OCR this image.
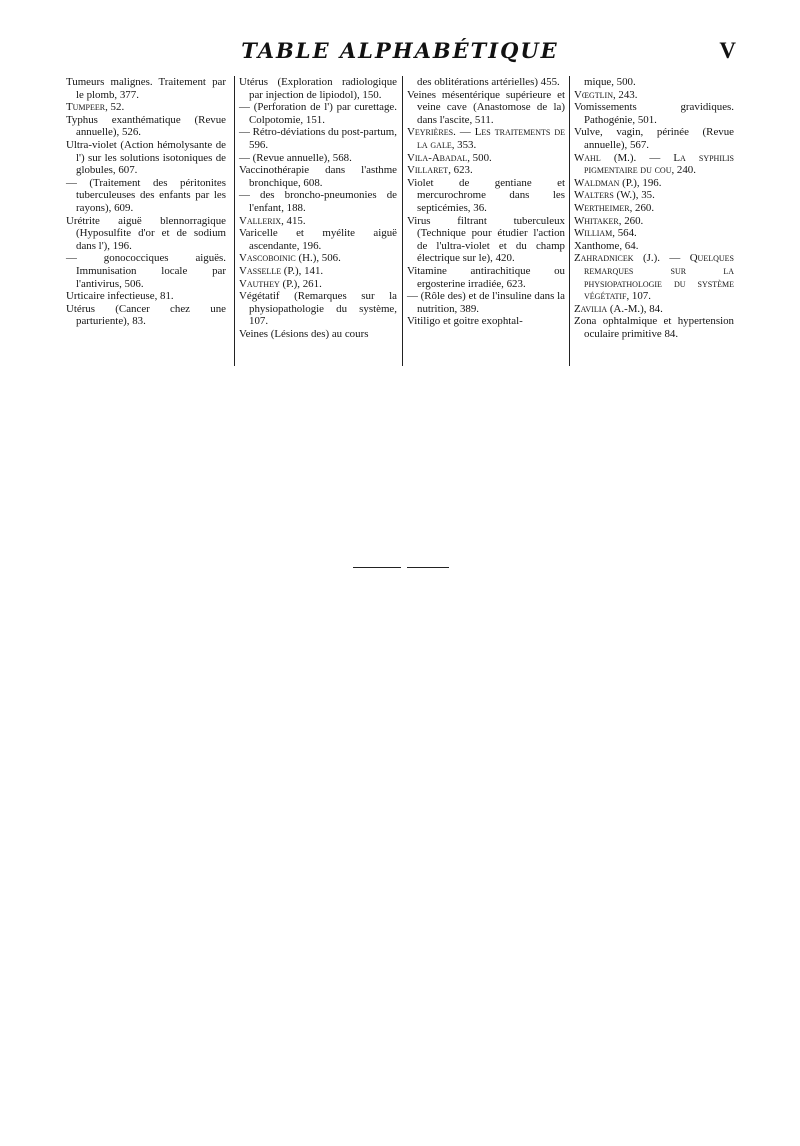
TABLE ALPHABÉTIQUE	V

Tumeurs malignes. Traitement par le plomb, 377.

Tumpeer, 52.

Typhus exanthématique (Revue annuelle), 526.

Ultra-violet (Action hémolysante de l') sur les solutions isotoniques de globules, 607.

— (Traitement des péritonites tuberculeuses des enfants par les rayons), 609.

Urétrite aiguë blennorragique (Hyposulfite d'or et de sodium dans l'), 196.

— gonococciques aiguës. Immunisation locale par l'antivirus, 506.

Urticaire infectieuse, 81.

Utérus (Cancer chez une parturiente), 83.

Utérus (Exploration radiologique par injection de lipiodol), 150.

— (Perforation de l') par curettage. Colpotomie, 151.

— Rétro-déviations du post-partum, 596.

— (Revue annuelle), 568.

Vaccinothérapie dans l'asthme bronchique, 608.

— des broncho-pneumonies de l'enfant, 188.

Vallerix, 415.

Varicelle et myélite aiguë ascendante, 196.

Vascoboinic (H.), 506.

Vasselle (P.), 141.

Vauthey (P.), 261.

Végétatif (Remarques sur la physiopathologie du système, 107.

Veines (Lésions des) au cours

des oblitérations artérielles) 455.

Veines mésentérique supérieure et veine cave (Anastomose de la) dans l'ascite, 511.

Veyrières. — Les traitements de la gale, 353.

Vila-Abadal, 500.

Villaret, 623.

Violet de gentiane et mercurochrome dans les septicémies, 36.

Virus filtrant tuberculeux (Technique pour étudier l'action de l'ultra-violet et du champ électrique sur le), 420.

Vitamine antirachitique ou ergosterine irradiée, 623.

— (Rôle des) et de l'insuline dans la nutrition, 389.

Vitiligo et goitre exophtal-

mique, 500.

Vœgtlin, 243.

Vomissements gravidiques. Pathogénie, 501.

Vulve, vagin, périnée (Revue annuelle), 567.

Wahl (M.). — La syphilis pigmentaire du cou, 240.

Waldman (P.), 196.

Walters (W.), 35.

Wertheimer, 260.

Whitaker, 260.

William, 564.

Xanthome, 64.

Zahradnicek (J.). — Quelques remarques sur la physiopathologie du système végétatif, 107.

Zavilia (A.-M.), 84.

Zona ophtalmique et hypertension oculaire primitive 84.
